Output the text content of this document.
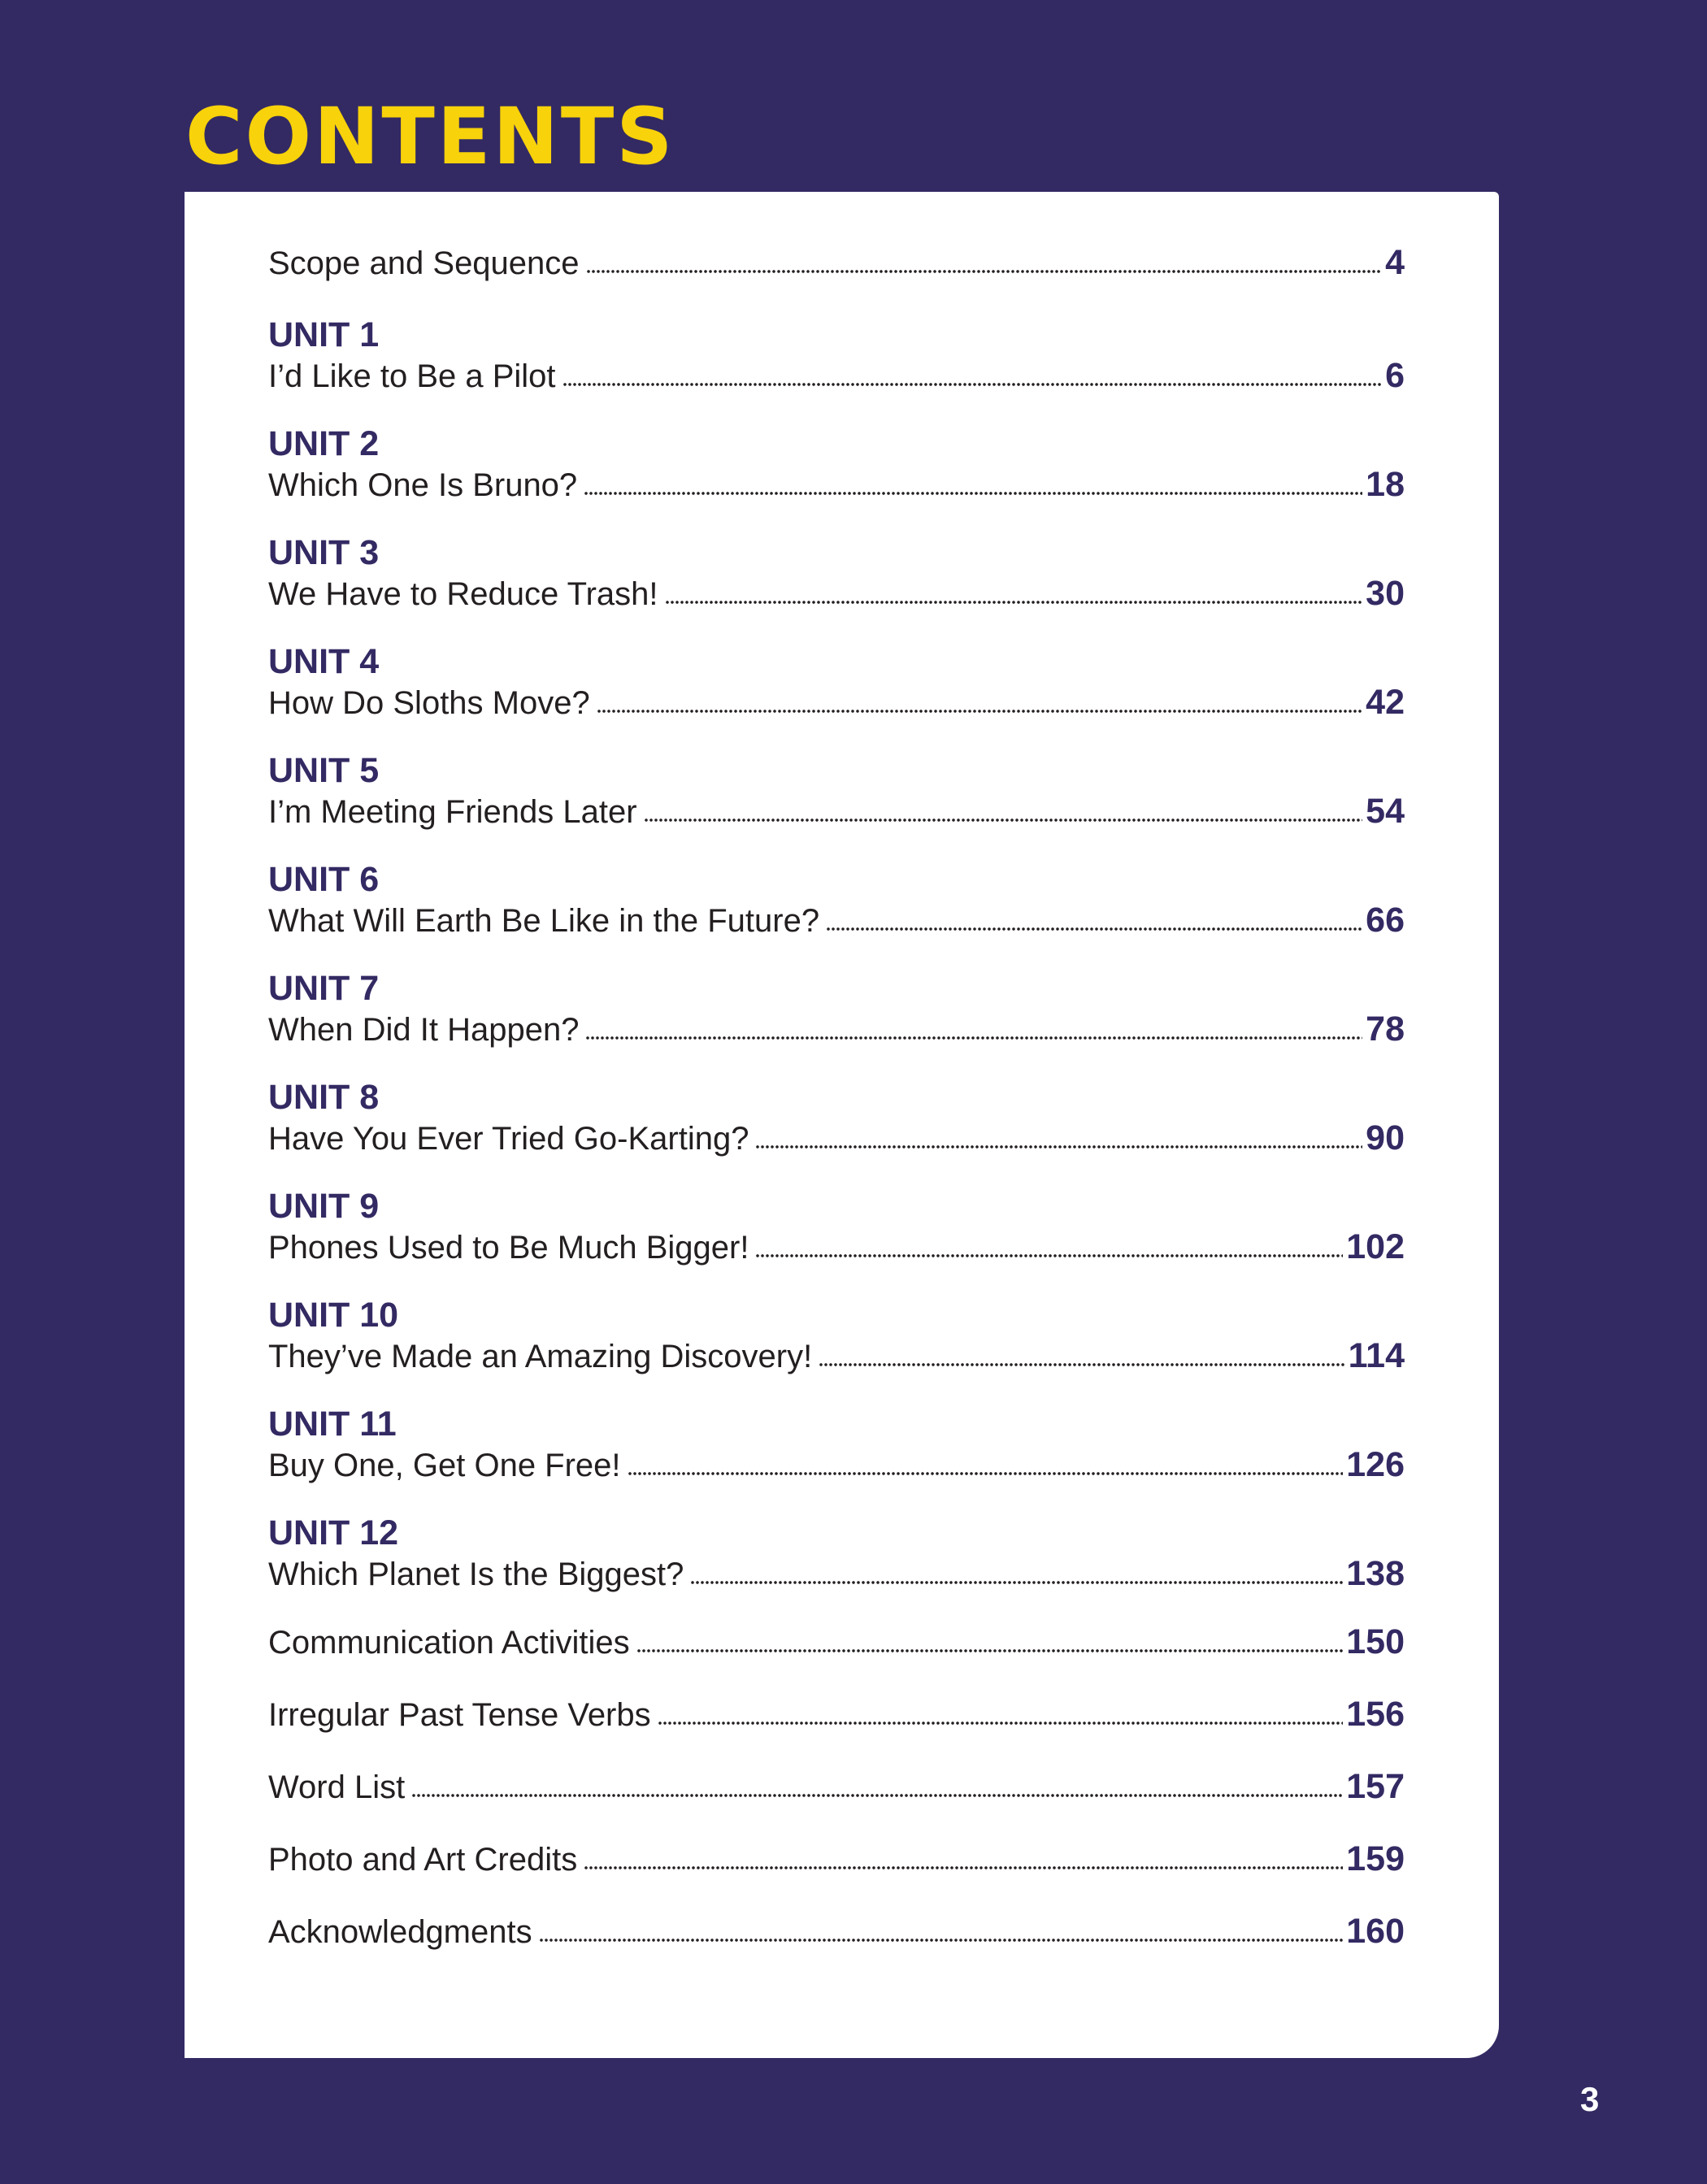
CONTENTS
Scope and Sequence	4
UNIT 1
I’d Like to Be a Pilot	6
UNIT 2
Which One Is Bruno?	18
UNIT 3
We Have to Reduce Trash!	30
UNIT 4
How Do Sloths Move?	42
UNIT 5
I’m Meeting Friends Later	54
UNIT 6
What Will Earth Be Like in the Future?	66
UNIT 7
When Did It Happen?	78
UNIT 8
Have You Ever Tried Go-Karting?	90
UNIT 9
Phones Used to Be Much Bigger!	102
UNIT 10
They’ve Made an Amazing Discovery!	114
UNIT 11
Buy One, Get One Free!	126
UNIT 12
Which Planet Is the Biggest?	138
Communication Activities	150
Irregular Past Tense Verbs	156
Word List	157
Photo and Art Credits	159
Acknowledgments	160
3
